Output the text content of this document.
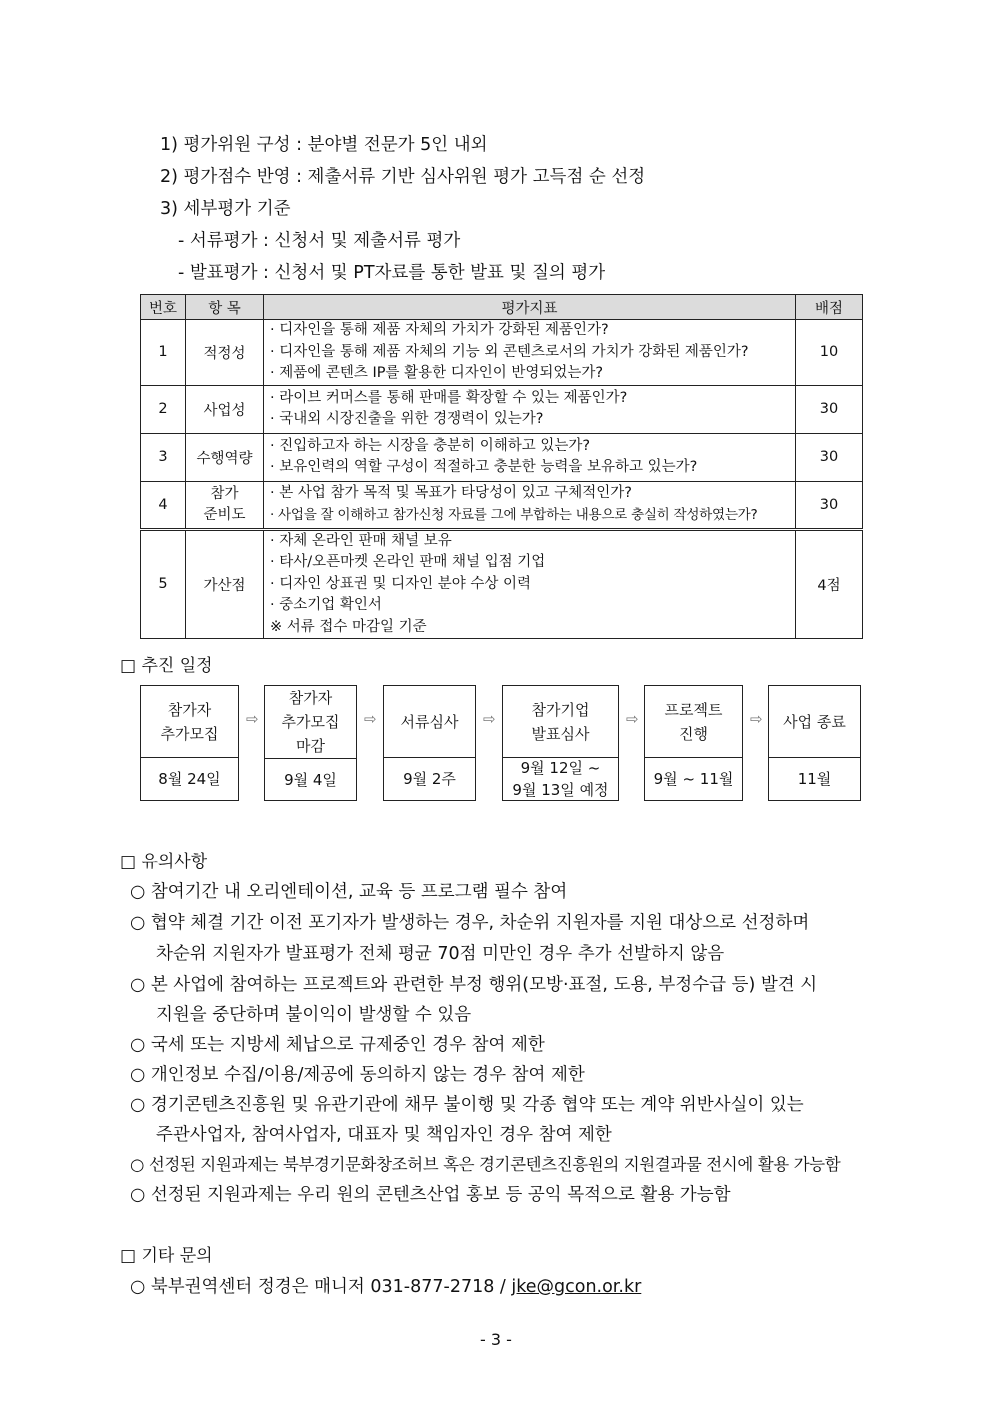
1) 평가위원 구성 : 분야별 전문가 5인 내외
2) 평가점수 반영 : 제출서류 기반 심사위원 평가 고득점 순 선정
3) 세부평가 기준
- 서류평가 : 신청서 및 제출서류 평가
- 발표평가 : 신청서 및 PT자료를 통한 발표 및 질의 평가
번호	항 목	평가지표	배점
1	적정성	· 디자인을 통해 제품 자체의 가치가 강화된 제품인가?
· 디자인을 통해 제품 자체의 기능 외 콘텐츠로서의 가치가 강화된 제품인가?
· 제품에 콘텐츠 IP를 활용한 디자인이 반영되었는가?	10
2	사업성	· 라이브 커머스를 통해 판매를 확장할 수 있는 제품인가?
· 국내외 시장진출을 위한 경쟁력이 있는가?	30
3	수행역량	· 진입하고자 하는 시장을 충분히 이해하고 있는가?
· 보유인력의 역할 구성이 적절하고 충분한 능력을 보유하고 있는가?	30
4	참가
준비도	· 본 사업 참가 목적 및 목표가 타당성이 있고 구체적인가?
· 사업을 잘 이해하고 참가신청 자료를 그에 부합하는 내용으로 충실히 작성하였는가?	30
5	가산점	· 자체 온라인 판매 채널 보유
· 타사/오픈마켓 온라인 판매 채널 입점 기업
· 디자인 상표권 및 디자인 분야 수상 이력
· 중소기업 확인서
※ 서류 접수 마감일 기준	4점
□ 추진 일정
참가자
추가모집
8월 24일
⇨
참가자
추가모집
마감
9월 4일
⇨ 서류심사
9월 2주
⇨
참가기업
발표심사
9월 12일 ~
9월 13일 예정
⇨
프로젝트
진행
9월 ~ 11월
⇨ 사업 종료
11월
□ 유의사항
○ 참여기간 내 오리엔테이션, 교육 등 프로그램 필수 참여
○ 협약 체결 기간 이전 포기자가 발생하는 경우, 차순위 지원자를 지원 대상으로 선정하며
차순위 지원자가 발표평가 전체 평균 70점 미만인 경우 추가 선발하지 않음
○ 본 사업에 참여하는 프로젝트와 관련한 부정 행위(모방·표절, 도용, 부정수급 등) 발견 시
지원을 중단하며 불이익이 발생할 수 있음
○ 국세 또는 지방세 체납으로 규제중인 경우 참여 제한
○ 개인정보 수집/이용/제공에 동의하지 않는 경우 참여 제한
○ 경기콘텐츠진흥원 및 유관기관에 채무 불이행 및 각종 협약 또는 계약 위반사실이 있는
주관사업자, 참여사업자, 대표자 및 책임자인 경우 참여 제한
○ 선정된 지원과제는 북부경기문화창조허브 혹은 경기콘텐츠진흥원의 지원결과물 전시에 활용 가능함
○ 선정된 지원과제는 우리 원의 콘텐츠산업 홍보 등 공익 목적으로 활용 가능함
□ 기타 문의
○ 북부권역센터 정경은 매니저 031-877-2718 / jke@gcon.or.kr
- 3 -
